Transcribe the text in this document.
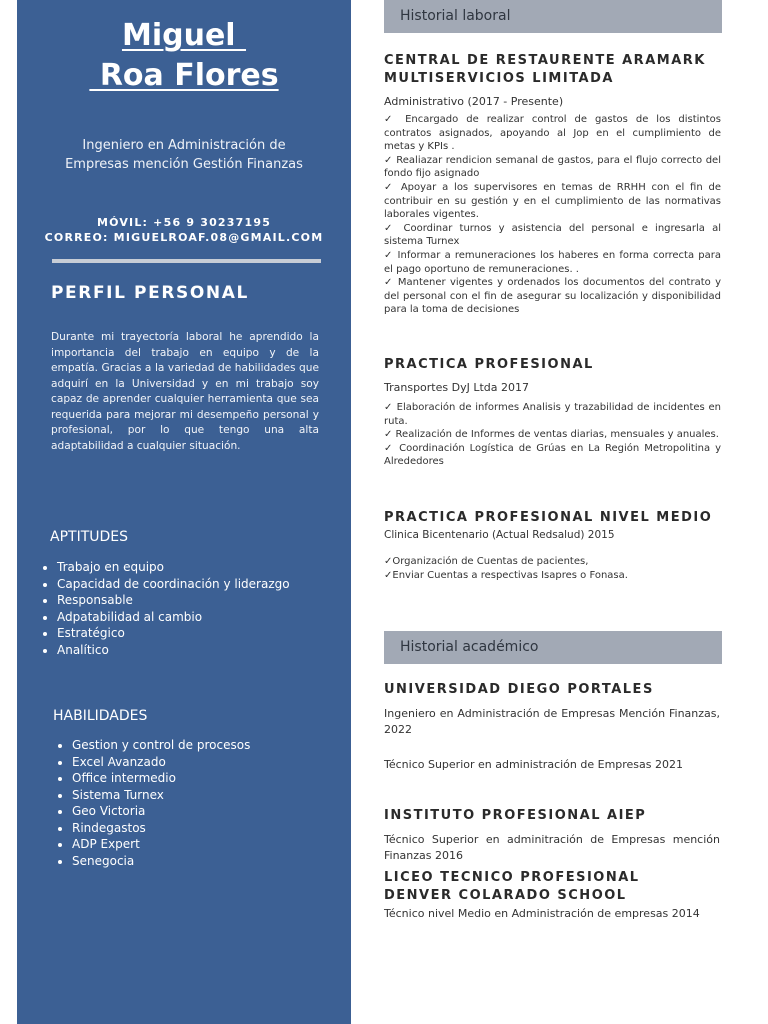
Miguel
Roa Flores
Ingeniero en Administración de Empresas mención Gestión Finanzas
MÓVIL: +56 9 30237195
CORREO: MIGUELROAF.08@GMAIL.COM
PERFIL PERSONAL
Durante mi trayectoría laboral he aprendido la importancia del trabajo en equipo y de la empatía. Gracias a la variedad de habilidades que adquirí en la Universidad y en mi trabajo soy capaz de aprender cualquier herramienta que sea requerida para mejorar mi desempeño personal y profesional, por lo que tengo una alta adaptabilidad a cualquier situación.
APTITUDES
• Trabajo en equipo
• Capacidad de coordinación y liderazgo
• Responsable
• Adpatabilidad al cambio
• Estratégico
• Analítico
HABILIDADES
• Gestion y control de procesos
• Excel Avanzado
• Office intermedio
• Sistema Turnex
• Geo Victoria
• Rindegastos
• ADP Expert
• Senegocia
Historial laboral
CENTRAL DE RESTAURENTE ARAMARK MULTISERVICIOS LIMITADA
Administrativo (2017 - Presente)
✓ Encargado de realizar control de gastos de los distintos contratos asignados, apoyando al Jop en el cumplimiento de metas y KPIs .
✓ Realiazar rendicion semanal de gastos, para el flujo correcto del fondo fijo asignado
✓ Apoyar a los supervisores en temas de RRHH con el fin de contribuir en su gestión y en el cumplimiento de las normativas laborales vigentes.
✓ Coordinar turnos y asistencia del personal e ingresarla al sistema Turnex
✓ Informar a remuneraciones los haberes en forma correcta para el pago oportuno de remuneraciones. .
✓ Mantener vigentes y ordenados los documentos del contrato y del personal con el fin de asegurar su localización y disponibilidad para la toma de decisiones
PRACTICA PROFESIONAL
Transportes DyJ Ltda 2017
✓ Elaboración de informes Analisis y trazabilidad de incidentes en ruta.
✓ Realización de Informes de ventas diarias, mensuales y anuales.
✓ Coordinación Logística de Grúas en La Región Metropolitina y Alrededores
PRACTICA PROFESIONAL NIVEL MEDIO
Clinica Bicentenario (Actual Redsalud) 2015
✓Organización de Cuentas de pacientes,
✓Enviar Cuentas a respectivas Isapres o Fonasa.
Historial académico
UNIVERSIDAD DIEGO PORTALES
Ingeniero en Administración de Empresas Mención Finanzas, 2022
Técnico Superior en administración de Empresas 2021
INSTITUTO PROFESIONAL AIEP
Técnico Superior en adminitración de Empresas mención Finanzas 2016
LICEO TECNICO PROFESIONAL DENVER COLARADO SCHOOL
Técnico nivel Medio en Administración de empresas 2014
